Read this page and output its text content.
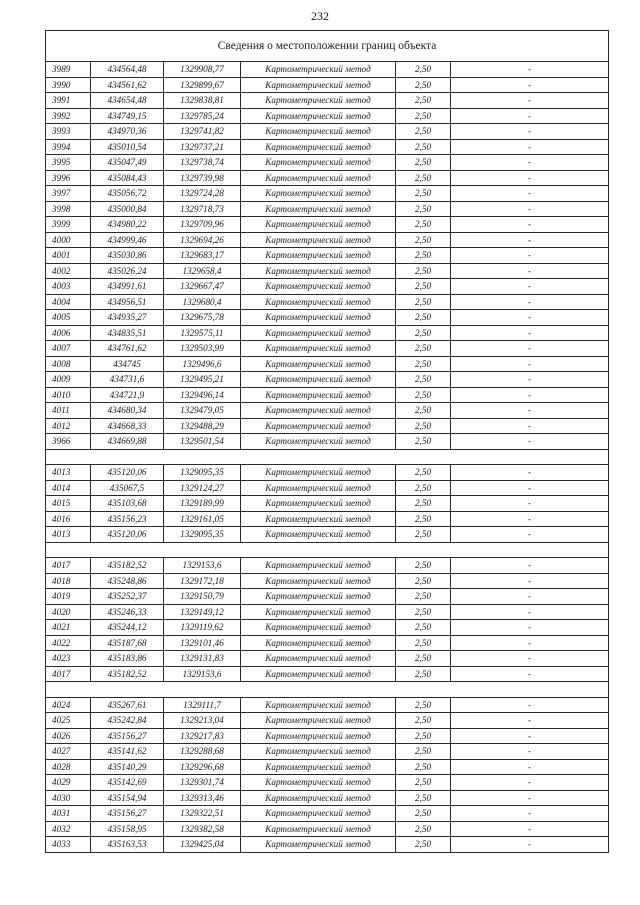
232
Сведения о местоположении границ объекта					
3989	434564,48	1329908,77	Картометрический метод	2,50	-
3990	434561,62	1329899,67	Картометрический метод	2,50	-
3991	434654,48	1329838,81	Картометрический метод	2,50	-
3992	434749,15	1329785,24	Картометрический метод	2,50	-
3993	434970,36	1329741,82	Картометрический метод	2,50	-
3994	435010,54	1329737,21	Картометрический метод	2,50	-
3995	435047,49	1329738,74	Картометрический метод	2,50	-
3996	435084,43	1329739,98	Картометрический метод	2,50	-
3997	435056,72	1329724,28	Картометрический метод	2,50	-
3998	435000,84	1329718,73	Картометрический метод	2,50	-
3999	434980,22	1329709,96	Картометрический метод	2,50	-
4000	434999,46	1329694,26	Картометрический метод	2,50	-
4001	435030,86	1329683,17	Картометрический метод	2,50	-
4002	435026,24	1329658,4	Картометрический метод	2,50	-
4003	434991,61	1329667,47	Картометрический метод	2,50	-
4004	434956,51	1329680,4	Картометрический метод	2,50	-
4005	434935,27	1329675,78	Картометрический метод	2,50	-
4006	434835,51	1329575,11	Картометрический метод	2,50	-
4007	434761,62	1329503,99	Картометрический метод	2,50	-
4008	434745	1329496,6	Картометрический метод	2,50	-
4009	434731,6	1329495,21	Картометрический метод	2,50	-
4010	434721,9	1329496,14	Картометрический метод	2,50	-
4011	434680,34	1329479,05	Картометрический метод	2,50	-
4012	434668,33	1329488,29	Картометрический метод	2,50	-
3966	434669,88	1329501,54	Картометрический метод	2,50	-

4013	435120,06	1329095,35	Картометрический метод	2,50	-
4014	435067,5	1329124,27	Картометрический метод	2,50	-
4015	435103,68	1329189,99	Картометрический метод	2,50	-
4016	435156,23	1329161,05	Картометрический метод	2,50	-
4013	435120,06	1329095,35	Картометрический метод	2,50	-

4017	435182,52	1329153,6	Картометрический метод	2,50	-
4018	435248,86	1329172,18	Картометрический метод	2,50	-
4019	435252,37	1329150,79	Картометрический метод	2,50	-
4020	435246,33	1329149,12	Картометрический метод	2,50	-
4021	435244,12	1329119,62	Картометрический метод	2,50	-
4022	435187,68	1329101,46	Картометрический метод	2,50	-
4023	435183,86	1329131,83	Картометрический метод	2,50	-
4017	435182,52	1329153,6	Картометрический метод	2,50	-

4024	435267,61	1329111,7	Картометрический метод	2,50	-
4025	435242,84	1329213,04	Картометрический метод	2,50	-
4026	435156,27	1329217,83	Картометрический метод	2,50	-
4027	435141,62	1329288,68	Картометрический метод	2,50	-
4028	435140,29	1329296,68	Картометрический метод	2,50	-
4029	435142,69	1329301,74	Картометрический метод	2,50	-
4030	435154,94	1329313,46	Картометрический метод	2,50	-
4031	435156,27	1329322,51	Картометрический метод	2,50	-
4032	435158,95	1329382,58	Картометрический метод	2,50	-
4033	435163,53	1329425,04	Картометрический метод	2,50	-
